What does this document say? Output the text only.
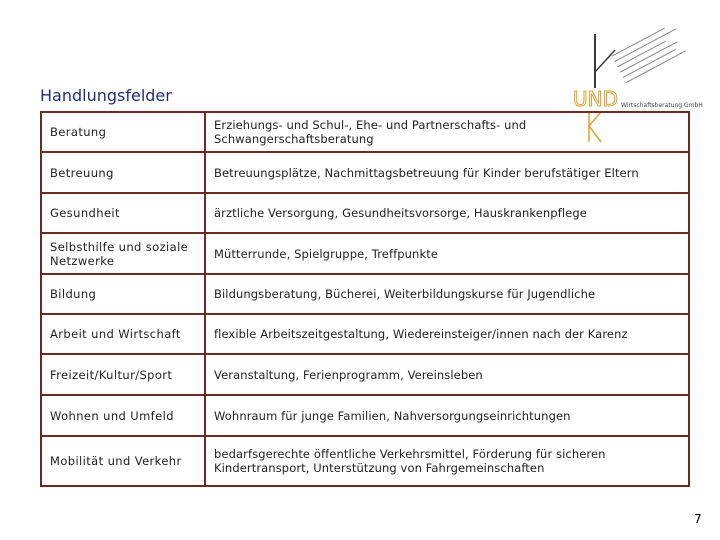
Handlungsfelder	UND Wirtschaftsberatung GmbH
Beratung	Erziehungs- und Schul-, Ehe- und Partnerschafts- und Schwangerschaftsberatung
Betreuung	Betreuungsplätze, Nachmittagsbetreuung für Kinder berufstätiger Eltern
Gesundheit	ärztliche Versorgung, Gesundheitsvorsorge, Hauskrankenpflege
Selbsthilfe und soziale Netzwerke	Mütterrunde, Spielgruppe, Treffpunkte
Bildung	Bildungsberatung, Bücherei, Weiterbildungskurse für Jugendliche
Arbeit und Wirtschaft	flexible Arbeitszeitgestaltung, Wiedereinsteiger/innen nach der Karenz
Freizeit/Kultur/Sport	Veranstaltung, Ferienprogramm, Vereinsleben
Wohnen und Umfeld	Wohnraum für junge Familien, Nahversorgungseinrichtungen
Mobilität und Verkehr	bedarfsgerechte öffentliche Verkehrsmittel, Förderung für sicheren Kindertransport, Unterstützung von Fahrgemeinschaften
7
